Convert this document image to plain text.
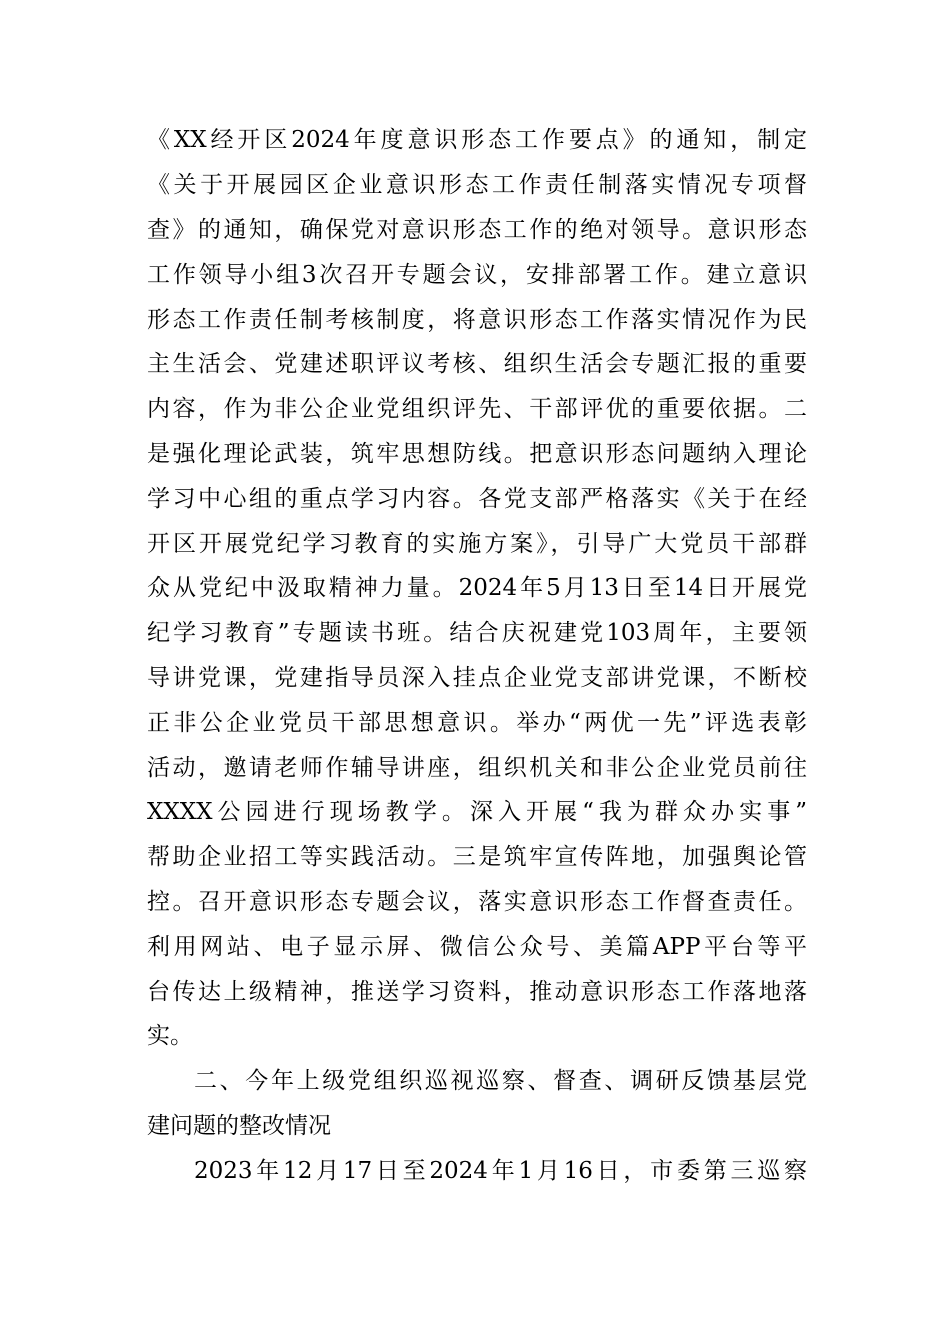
《XX经开区2024年度意识形态工作要点》的通知，制定
《关于开展园区企业意识形态工作责任制落实情况专项督
查》的通知，确保党对意识形态工作的绝对领导。意识形态
工作领导小组3次召开专题会议，安排部署工作。建立意识
形态工作责任制考核制度，将意识形态工作落实情况作为民
主生活会、党建述职评议考核、组织生活会专题汇报的重要
内容，作为非公企业党组织评先、干部评优的重要依据。二
是强化理论武装，筑牢思想防线。把意识形态问题纳入理论
学习中心组的重点学习内容。各党支部严格落实《关于在经
开区开展党纪学习教育的实施方案》，引导广大党员干部群
众从党纪中汲取精神力量。2024年5月13日至14日开展党
纪学习教育”专题读书班。结合庆祝建党103周年，主要领
导讲党课，党建指导员深入挂点企业党支部讲党课，不断校
正非公企业党员干部思想意识。举办“两优一先”评选表彰
活动，邀请老师作辅导讲座，组织机关和非公企业党员前往
XXXX公园进行现场教学。深入开展“我为群众办实事”
帮助企业招工等实践活动。三是筑牢宣传阵地，加强舆论管
控。召开意识形态专题会议，落实意识形态工作督查责任。
利用网站、电子显示屏、微信公众号、美篇APP平台等平
台传达上级精神，推送学习资料，推动意识形态工作落地落
实。
二、今年上级党组织巡视巡察、督查、调研反馈基层党
建问题的整改情况
2023年12月17日至2024年1月16日，市委第三巡察
